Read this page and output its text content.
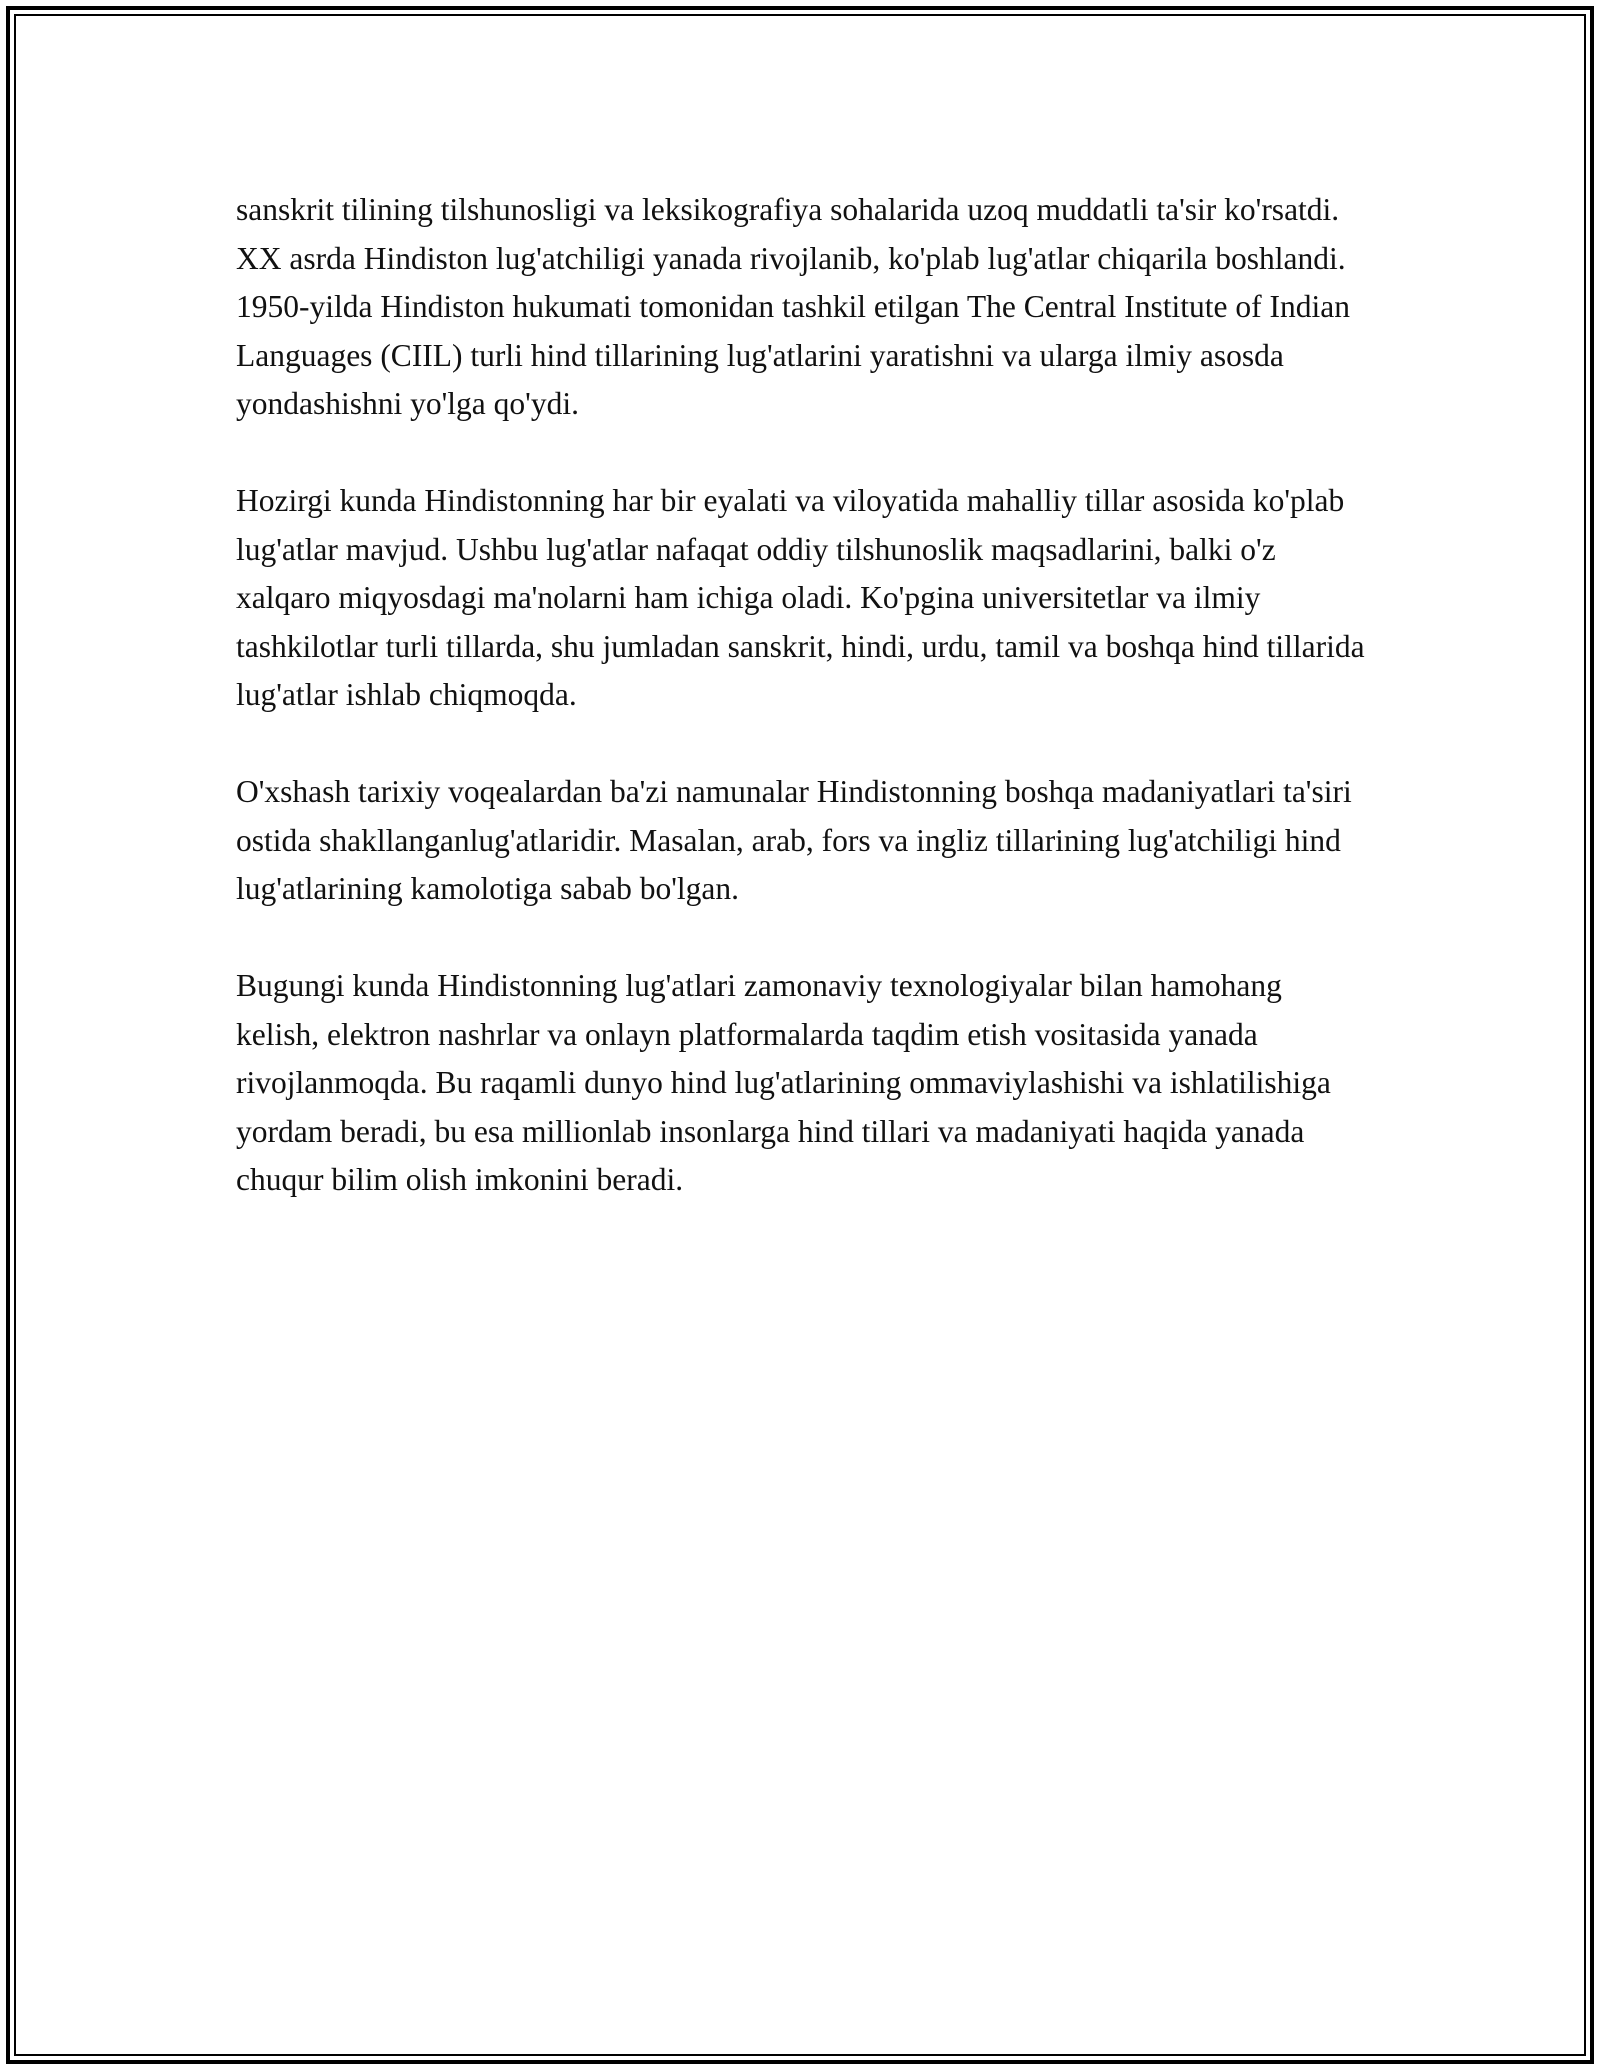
sanskrit tilining tilshunosligi va leksikografiya sohalarida uzoq muddatli ta'sir ko'rsatdi. XX asrda Hindiston lug'atchiligi yanada rivojlanib, ko'plab lug'atlar chiqarila boshlandi. 1950-yilda Hindiston hukumati tomonidan tashkil etilgan The Central Institute of Indian Languages (CIIL) turli hind tillarining lug'atlarini yaratishni va ularga ilmiy asosda yondashishni yo'lga qo'ydi.

Hozirgi kunda Hindistonning har bir eyalati va viloyatida mahalliy tillar asosida ko'plab lug'atlar mavjud. Ushbu lug'atlar nafaqat oddiy tilshunoslik maqsadlarini, balki o'z xalqaro miqyosdagi ma'nolarni ham ichiga oladi. Ko'pgina universitetlar va ilmiy tashkilotlar turli tillarda, shu jumladan sanskrit, hindi, urdu, tamil va boshqa hind tillarida lug'atlar ishlab chiqmoqda.

O'xshash tarixiy voqealardan ba'zi namunalar Hindistonning boshqa madaniyatlari ta'siri ostida shakllanganlug'atlaridir. Masalan, arab, fors va ingliz tillarining lug'atchiligi hind lug'atlarining kamolotiga sabab bo'lgan.

Bugungi kunda Hindistonning lug'atlari zamonaviy texnologiyalar bilan hamohang kelish, elektron nashrlar va onlayn platformalarda taqdim etish vositasida yanada rivojlanmoqda. Bu raqamli dunyo hind lug'atlarining ommaviylashishi va ishlatilishiga yordam beradi, bu esa millionlab insonlarga hind tillari va madaniyati haqida yanada chuqur bilim olish imkonini beradi.
